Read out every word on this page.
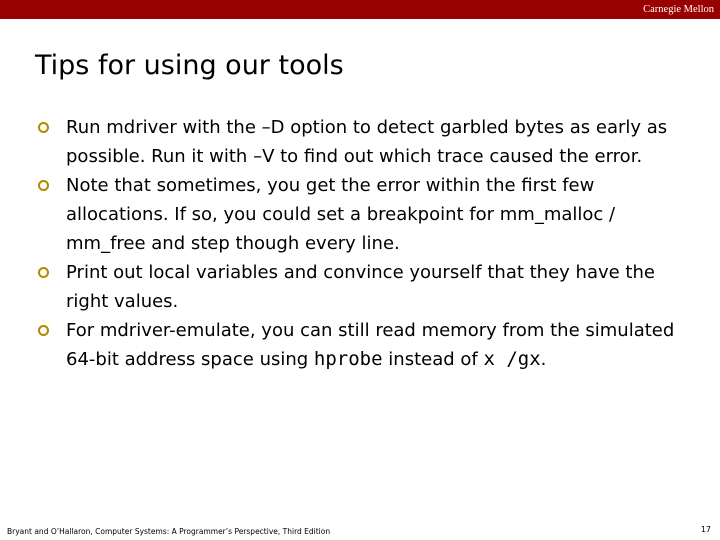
Carnegie Mellon
Tips for using our tools
Run mdriver with the –D option to detect garbled bytes as early as possible. Run it with –V to find out which trace caused the error.
Note that sometimes, you get the error within the first few allocations. If so, you could set a breakpoint for mm_malloc / mm_free and step though every line.
Print out local variables and convince yourself that they have the right values.
For mdriver-emulate, you can still read memory from the simulated 64-bit address space using hprobe instead of x /gx.
Bryant and O’Hallaron, Computer Systems: A Programmer’s Perspective, Third Edition	17
